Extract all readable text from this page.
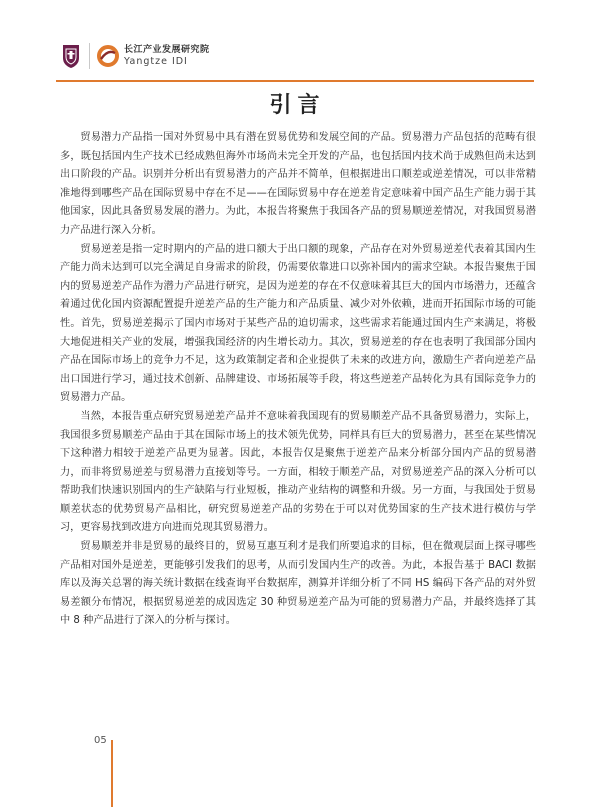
长江产业发展研究院
Yangtze IDI
引言

贸易潜力产品指一国对外贸易中具有潜在贸易优势和发展空间的产品。贸易潜力产品包括的范畴有很多，既包括国内生产技术已经成熟但海外市场尚未完全开发的产品，也包括国内技术尚于成熟但尚未达到出口阶段的产品。识别并分析出有贸易潜力的产品并不简单，但根据进出口顺差或逆差情况，可以非常精准地得到哪些产品在国际贸易中存在不足——在国际贸易中存在逆差肯定意味着中国产品生产能力弱于其他国家，因此具备贸易发展的潜力。为此，本报告将聚焦于我国各产品的贸易顺逆差情况，对我国贸易潜力产品进行深入分析。

贸易逆差是指一定时期内的产品的进口额大于出口额的现象，产品存在对外贸易逆差代表着其国内生产能力尚未达到可以完全满足自身需求的阶段，仍需要依靠进口以弥补国内的需求空缺。本报告聚焦于国内的贸易逆差产品作为潜力产品进行研究，是因为逆差的存在不仅意味着其巨大的国内市场潜力，还蕴含着通过优化国内资源配置提升逆差产品的生产能力和产品质量、减少对外依赖，进而开拓国际市场的可能性。首先，贸易逆差揭示了国内市场对于某些产品的迫切需求，这些需求若能通过国内生产来满足，将极大地促进相关产业的发展，增强我国经济的内生增长动力。其次，贸易逆差的存在也表明了我国部分国内产品在国际市场上的竞争力不足，这为政策制定者和企业提供了未来的改进方向，激励生产者向逆差产品出口国进行学习，通过技术创新、品牌建设、市场拓展等手段，将这些逆差产品转化为具有国际竞争力的贸易潜力产品。

当然，本报告重点研究贸易逆差产品并不意味着我国现有的贸易顺差产品不具备贸易潜力，实际上，我国很多贸易顺差产品由于其在国际市场上的技术领先优势，同样具有巨大的贸易潜力，甚至在某些情况下这种潜力相较于逆差产品更为显著。因此，本报告仅是聚焦于逆差产品来分析部分国内产品的贸易潜力，而非将贸易逆差与贸易潜力直接划等号。一方面，相较于顺差产品，对贸易逆差产品的深入分析可以帮助我们快速识别国内的生产缺陷与行业短板，推动产业结构的调整和升级。另一方面，与我国处于贸易顺差状态的优势贸易产品相比，研究贸易逆差产品的劣势在于可以对优势国家的生产技术进行模仿与学习，更容易找到改进方向进而兑现其贸易潜力。

贸易顺差并非是贸易的最终目的，贸易互惠互利才是我们所要追求的目标，但在微观层面上探寻哪些产品相对国外是逆差，更能够引发我们的思考，从而引发国内生产的改善。为此，本报告基于 BACI 数据库以及海关总署的海关统计数据在线查询平台数据库，测算并详细分析了不同 HS 编码下各产品的对外贸易差额分布情况，根据贸易逆差的成因选定 30 种贸易逆差产品为可能的贸易潜力产品，并最终选择了其中 8 种产品进行了深入的分析与探讨。

05
